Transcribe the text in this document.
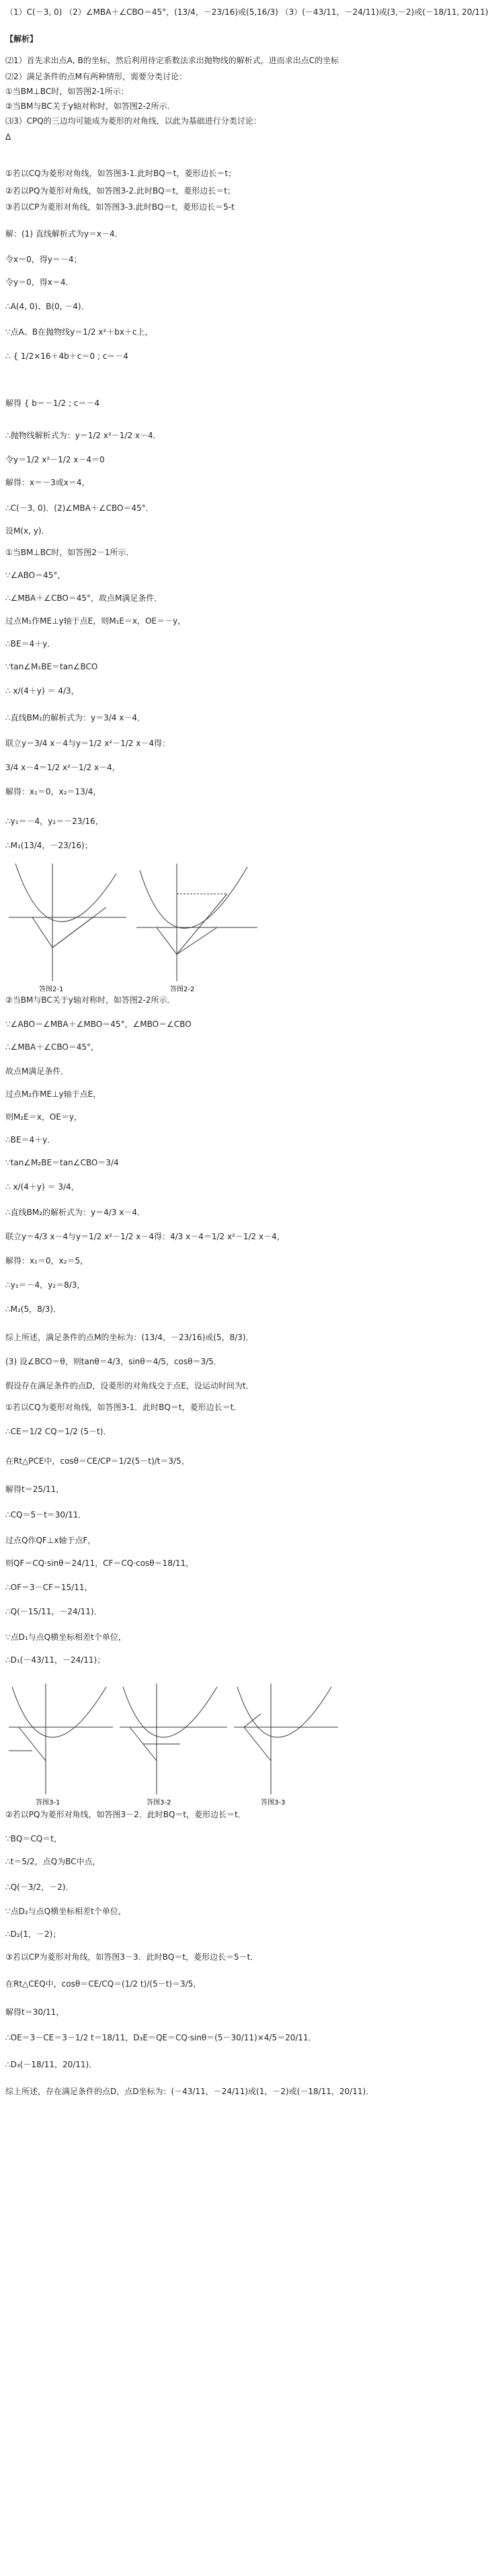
（1）C(－3, 0) （2）∠MBA＋∠CBO＝45°，(13/4，－23/16)或(5,16/3) （3）(－43/11，－24/11)或(3,－2)或(－18/11, 20/11)
【解析】
⑵1）首先求出点A, B的坐标，然后利用待定系数法求出抛物线的解析式，进而求出点C的坐标
⑵2）满足条件的点M有两种情形，需要分类讨论：
①当BM⊥BC时，如答图2-1所示：
②当BM与BC关于y轴对称时，如答图2-2所示.
⑶3）CPQ的三边均可能成为菱形的对角线，以此为基础进行分类讨论：
Δ
①若以CQ为菱形对角线，如答图3-1.此时BQ＝t，菱形边长＝t；
②若以PQ为菱形对角线，如答图3-2.此时BQ＝t，菱形边长＝t；
③若以CP为菱形对角线，如答图3-3.此时BQ＝t，菱形边长＝5-t
解：(1) 直线解析式为y＝x－4．
令x＝0，得y＝－4；
令y＝0，得x＝4．
∴A(4, 0)、B(0, －4)．
∵点A、B在抛物线y＝1/2 x²＋bx＋c上，
∴ { 1/2×16＋4b＋c＝0 ; c＝－4
解得 { b＝－1/2 ; c＝－4
∴抛物线解析式为：y＝1/2 x²－1/2 x－4．
令y＝1/2 x²－1/2 x－4＝0
解得：x＝－3或x＝4，
∴C(－3, 0)．(2)∠MBA＋∠CBO＝45°．
设M(x, y)．
①当BM⊥BC时，如答图2－1所示．
∵∠ABO＝45°，
∴∠MBA＋∠CBO＝45°，故点M满足条件．
过点M₁作ME⊥y轴于点E，则M₁E＝x，OE＝－y，
∴BE＝4＋y．
∵tan∠M₁BE＝tan∠BCO
∴ x/(4＋y) ＝ 4/3，
∴直线BM₁的解析式为：y＝3/4 x－4．
联立y＝3/4 x－4与y＝1/2 x²－1/2 x－4得：
3/4 x－4＝1/2 x²－1/2 x－4，
解得：x₁＝0，x₂＝13/4，
∴y₁＝－4，y₂＝－23/16，
∴M₁(13/4，－23/16)；
②当BM与BC关于y轴对称时，如答图2-2所示．
∵∠ABO＝∠MBA＋∠MBO＝45°，∠MBO＝∠CBO
∴∠MBA＋∠CBO＝45°，
故点M满足条件．
过点M₂作ME⊥y轴于点E，
则M₂E＝x，OE＝y，
∴BE＝4＋y．
∵tan∠M₂BE＝tan∠CBO＝3/4
∴ x/(4＋y) ＝ 3/4，
∴直线BM₂的解析式为：y＝4/3 x－4．
联立y＝4/3 x－4与y＝1/2 x²－1/2 x－4得：4/3 x－4＝1/2 x²－1/2 x－4，
解得：x₁＝0，x₂＝5，
∴y₁＝－4，y₂＝8/3，
∴M₂(5，8/3)．
综上所述，满足条件的点M的坐标为：(13/4，－23/16)或(5，8/3)．
(3) 设∠BCO＝θ，则tanθ＝4/3，sinθ＝4/5，cosθ＝3/5．
假设存在满足条件的点D，设菱形的对角线交于点E，设运动时间为t．
①若以CQ为菱形对角线，如答图3-1．此时BQ＝t，菱形边长＝t．
∴CE＝1/2 CQ＝1/2 (5－t)．
在Rt△PCE中，cosθ＝CE/CP＝1/2(5－t)/t＝3/5，
解得t＝25/11，
∴CQ＝5－t＝30/11．
过点Q作QF⊥x轴于点F，
则QF＝CQ·sinθ＝24/11，CF＝CQ·cosθ＝18/11，
∴OF＝3－CF＝15/11，
∴Q(－15/11，－24/11)．
∵点D₁与点Q横坐标相差t个单位，
∴D₁(－43/11，－24/11)；
②若以PQ为菱形对角线，如答图3－2．此时BQ＝t，菱形边长＝t．
∵BQ＝CQ＝t，
∴t＝5/2，点Q为BC中点，
∴Q(－3/2，－2)．
∵点D₂与点Q横坐标相差t个单位，
∴D₂(1，－2)；
③若以CP为菱形对角线，如答图3－3．此时BQ＝t，菱形边长＝5－t．
在Rt△CEQ中，cosθ＝CE/CQ＝(1/2 t)/(5－t)＝3/5，
解得t＝30/11，
∴OE＝3－CE＝3－1/2 t＝18/11，D₃E＝QE＝CQ·sinθ＝(5－30/11)×4/5＝20/11．
∴D₃(－18/11，20/11)．
综上所述，存在满足条件的点D，点D坐标为：(－43/11，－24/11)或(1，－2)或(－18/11，20/11)．
答图2-1	答图2-2
答图3-1	答图3-2	答图3-3
